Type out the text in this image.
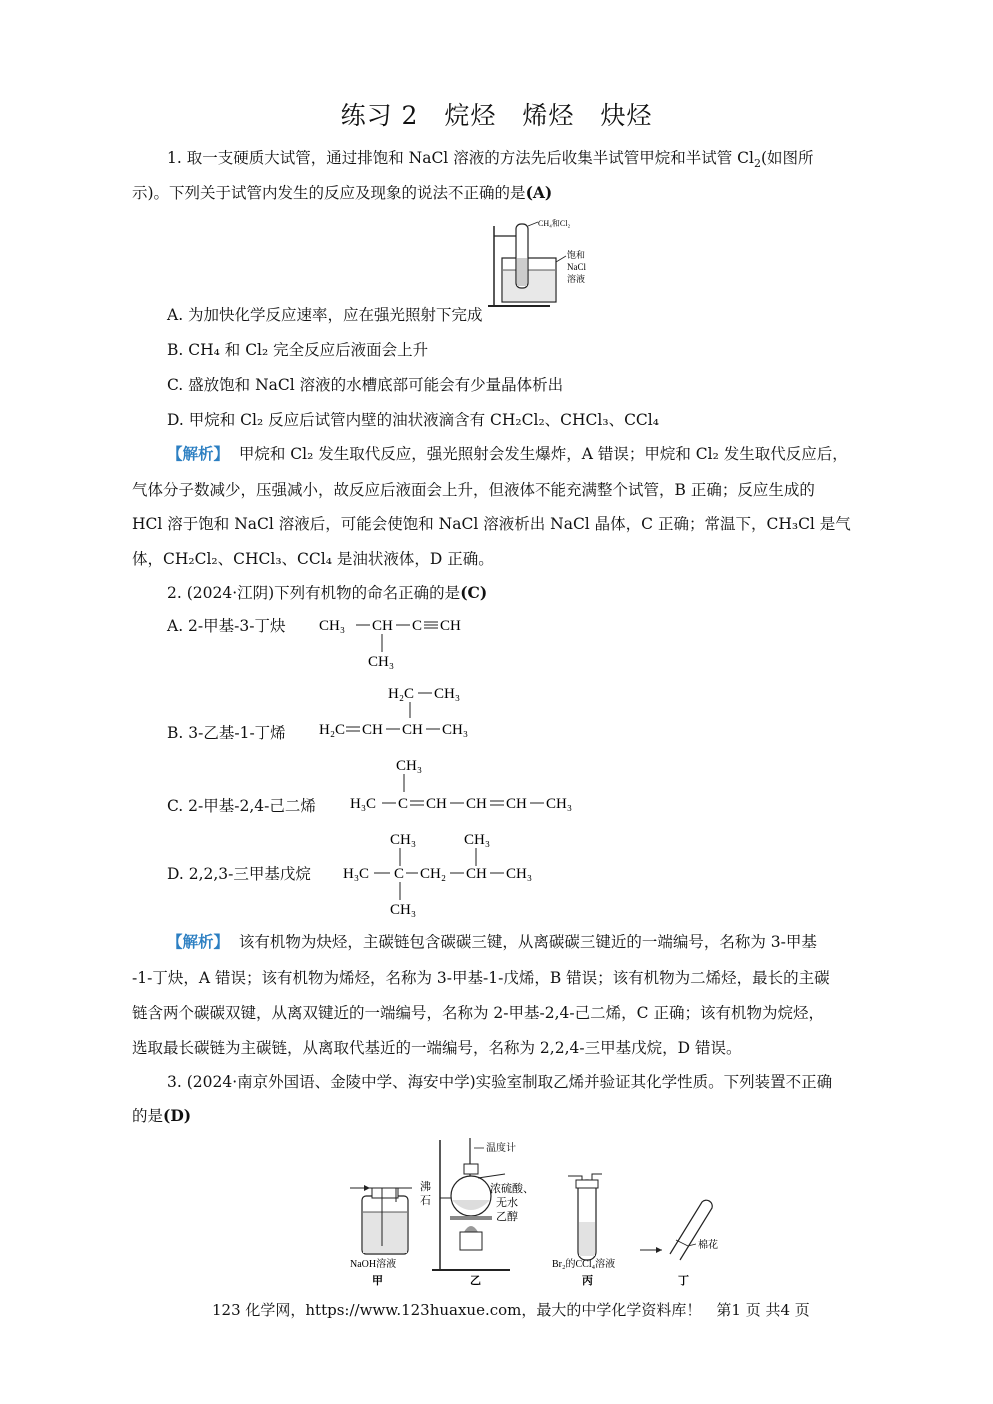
练习 2　烷烃　烯烃　炔烃
1. 取一支硬质大试管，通过排饱和 NaCl 溶液的方法先后收集半试管甲烷和半试管 $Cl_2$(如图所
示)。下列关于试管内发生的反应及现象的说法不正确的是(A)
CH₄和Cl₂
饱和
NaCl
溶液
A. 为加快化学反应速率，应在强光照射下完成
B. CH₄ 和 Cl₂ 完全反应后液面会上升
C. 盛放饱和 NaCl 溶液的水槽底部可能会有少量晶体析出
D. 甲烷和 Cl₂ 反应后试管内壁的油状液滴含有 CH₂Cl₂、CHCl₃、CCl₄
【解析】 甲烷和 Cl₂ 发生取代反应，强光照射会发生爆炸，A 错误；甲烷和 Cl₂ 发生取代反应后，
气体分子数减少，压强减小，故反应后液面会上升，但液体不能充满整个试管，B 正确；反应生成的
HCl 溶于饱和 NaCl 溶液后，可能会使饱和 NaCl 溶液析出 NaCl 晶体，C 正确；常温下，CH₃Cl 是气
体，CH₂Cl₂、CHCl₃、CCl₄ 是油状液体，D 正确。
2. (2024·江阴)下列有机物的命名正确的是(C)
A. 2-甲基-3-丁炔 CH₃ CH C CH
CH₃
H₂C CH₃
H₂C CH CH CH₃
B. 3-乙基-1-丁烯
CH₃
H₃C C CH CH CH CH₃
C. 2-甲基-2,4-己二烯
CH₃	CH₃
H₃C C CH₂ CH CH₃
CH₃
D. 2,2,3-三甲基戊烷
【解析】 该有机物为炔烃，主碳链包含碳碳三键，从离碳碳三键近的一端编号，名称为 3-甲基
-1-丁炔，A 错误；该有机物为烯烃，名称为 3-甲基-1-戊烯，B 错误；该有机物为二烯烃，最长的主碳
链含两个碳碳双键，从离双键近的一端编号，名称为 2-甲基-2,4-己二烯，C 正确；该有机物为烷烃，
选取最长碳链为主碳链，从离取代基近的一端编号，名称为 2,2,4-三甲基戊烷，D 错误。
3. (2024·南京外国语、金陵中学、海安中学)实验室制取乙烯并验证其化学性质。下列装置不正确
的是(D)
NaOH溶液
甲
温度计
沸
石
浓硫酸、
无水
乙醇
乙
Br₂的CCl₄溶液
丙
棉花
丁
123 化学网，https://www.123huaxue.com，最大的中学化学资料库！　第1 页 共4 页
